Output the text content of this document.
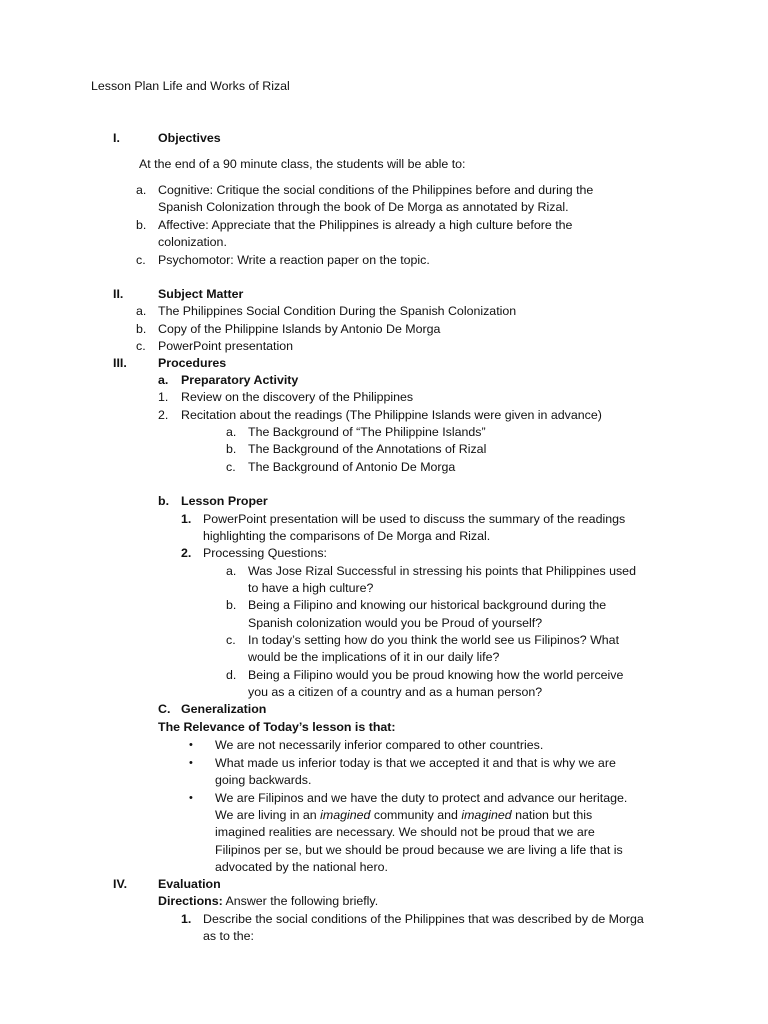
Lesson Plan Life and Works of Rizal
I.	Objectives
At the end of a 90 minute class, the students will be able to:
a. Cognitive: Critique the social conditions of the Philippines before and during the
Spanish Colonization through the book of De Morga as annotated by Rizal.
b. Affective: Appreciate that the Philippines is already a high culture before the
colonization.
c. Psychomotor: Write a reaction paper on the topic.
II.	Subject Matter
a. The Philippines Social Condition During the Spanish Colonization
b. Copy of the Philippine Islands by Antonio De Morga
c. PowerPoint presentation
III.	Procedures
a. Preparatory Activity
1. Review on the discovery of the Philippines
2. Recitation about the readings (The Philippine Islands were given in advance)
a. The Background of “The Philippine Islands”
b. The Background of the Annotations of Rizal
c. The Background of Antonio De Morga
b. Lesson Proper
1. PowerPoint presentation will be used to discuss the summary of the readings
highlighting the comparisons of De Morga and Rizal.
2. Processing Questions:
a. Was Jose Rizal Successful in stressing his points that Philippines used
to have a high culture?
b. Being a Filipino and knowing our historical background during the
Spanish colonization would you be Proud of yourself?
c. In today’s setting how do you think the world see us Filipinos? What
would be the implications of it in our daily life?
d. Being a Filipino would you be proud knowing how the world perceive
you as a citizen of a country and as a human person?
C. Generalization
The Relevance of Today’s lesson is that:
• We are not necessarily inferior compared to other countries.
• What made us inferior today is that we accepted it and that is why we are
going backwards.
• We are Filipinos and we have the duty to protect and advance our heritage.
We are living in an imagined community and imagined nation but this
imagined realities are necessary. We should not be proud that we are
Filipinos per se, but we should be proud because we are living a life that is
advocated by the national hero.
IV. Evaluation
Directions: Answer the following briefly.
1. Describe the social conditions of the Philippines that was described by de Morga
as to the:
